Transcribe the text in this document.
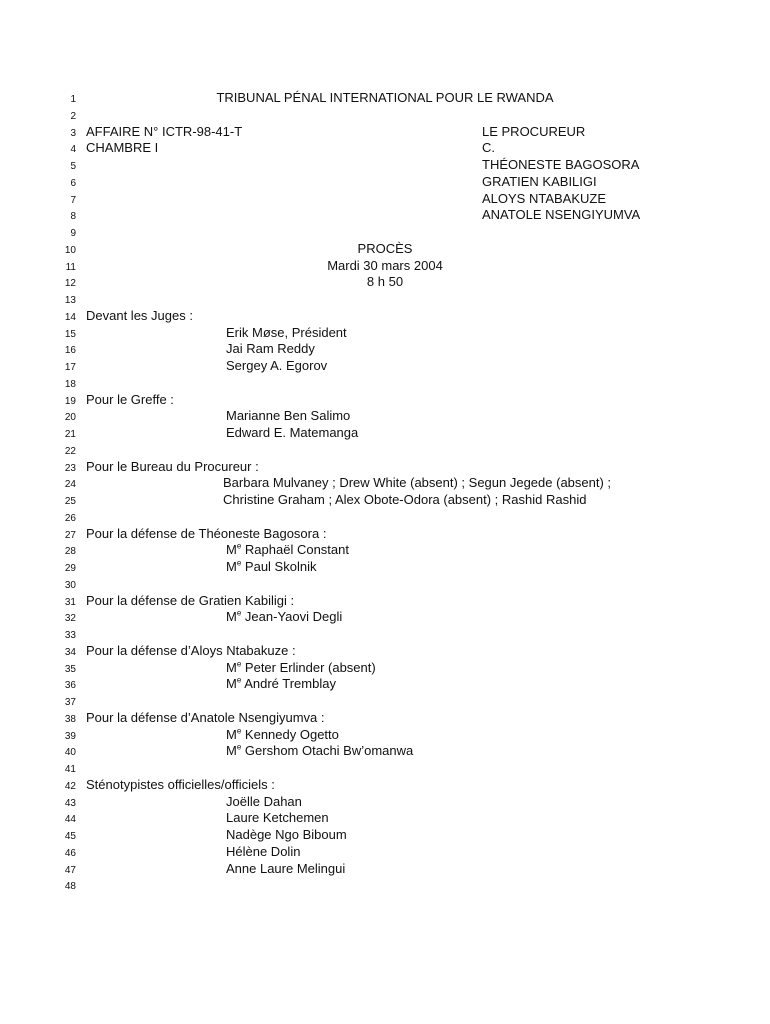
1	TRIBUNAL PÉNAL INTERNATIONAL POUR LE RWANDA
2
3 AFFAIRE N° ICTR-98-41-T	LE PROCUREUR
4 CHAMBRE I	C.
5	THÉONESTE BAGOSORA
6	GRATIEN KABILIGI
7	ALOYS NTABAKUZE
8	ANATOLE NSENGIYUMVA
9
10	PROCÈS
11	Mardi 30 mars 2004
12	8 h 50
13
14 Devant les Juges :
15	Erik Møse, Président
16	Jai Ram Reddy
17	Sergey A. Egorov
18
19 Pour le Greffe :
20	Marianne Ben Salimo
21	Edward E. Matemanga
22
23 Pour le Bureau du Procureur :
24	Barbara Mulvaney ; Drew White (absent) ; Segun Jegede (absent) ;
25	Christine Graham ; Alex Obote-Odora (absent) ; Rashid Rashid
26
27 Pour la défense de Théoneste Bagosora :
28	Me Raphaël Constant
29	Me Paul Skolnik
30
31 Pour la défense de Gratien Kabiligi :
32	Me Jean-Yaovi Degli
33
34 Pour la défense d’Aloys Ntabakuze :
35	Me Peter Erlinder (absent)
36	Me André Tremblay
37
38 Pour la défense d’Anatole Nsengiyumva :
39	Me Kennedy Ogetto
40	Me Gershom Otachi Bw’omanwa
41
42 Sténotypistes officielles/officiels :
43	Joëlle Dahan
44	Laure Ketchemen
45	Nadège Ngo Biboum
46	Hélène Dolin
47	Anne Laure Melingui
48
